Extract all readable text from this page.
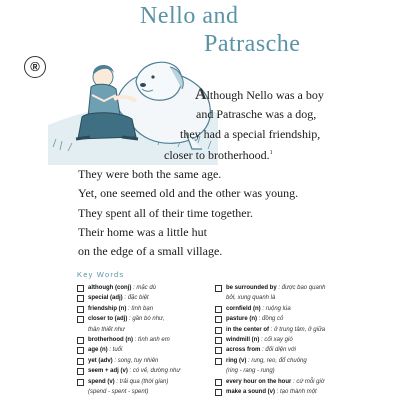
Nello and
Patrasche
®
Although Nello was a boy
and Patrasche was a dog,
they had a special friendship,
closer to brotherhood.$^1$
They were both the same age.
Yet, one seemed old and the other was young.
They spent all of their time together.
Their home was a little hut
on the edge of a small village.
Key Words
although (conj) : mặc dù
special (adj) : đặc biệt
friendship (n) : tình bạn
closer to (adj) : gần bó như,
thân thiết như
brotherhood (n) : tình anh em
age (n) : tuổi
yet (adv) : song, tuy nhiên
seem + adj (v) : có vẻ, dường như
spend (v) : trải qua (thời gian)
(spend - spent - spent)
be surrounded by : được bao quanh
bởi, xung quanh là
cornfield (n) : ruộng lúa
pasture (n) : đồng cỏ
in the center of : ở trung tâm, ở giữa
windmill (n) : cối xay gió
across from : đối diện với
ring (v) : rung, reo, đổ chuông
(ring - rang - rung)
every hour on the hour : cứ mỗi giờ
make a sound (v) : tạo thành một
